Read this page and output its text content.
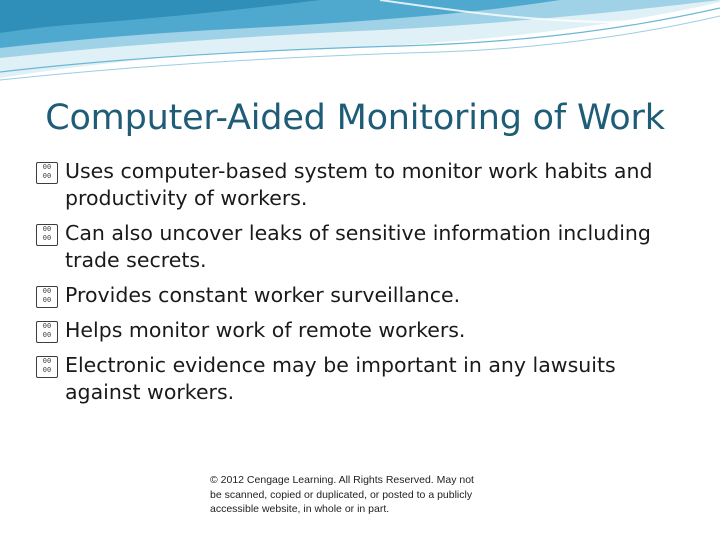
Computer-Aided Monitoring of Work
00
00 Uses computer-based system to monitor work habits and productivity of workers.
00
00 Can also uncover leaks of sensitive information including trade secrets.
00
00 Provides constant worker surveillance.
00
00 Helps monitor work of remote workers.
00
00 Electronic evidence may be important in any lawsuits against workers.
© 2012 Cengage Learning. All Rights Reserved. May not be scanned, copied or duplicated, or posted to a publicly accessible website, in whole or in part.
